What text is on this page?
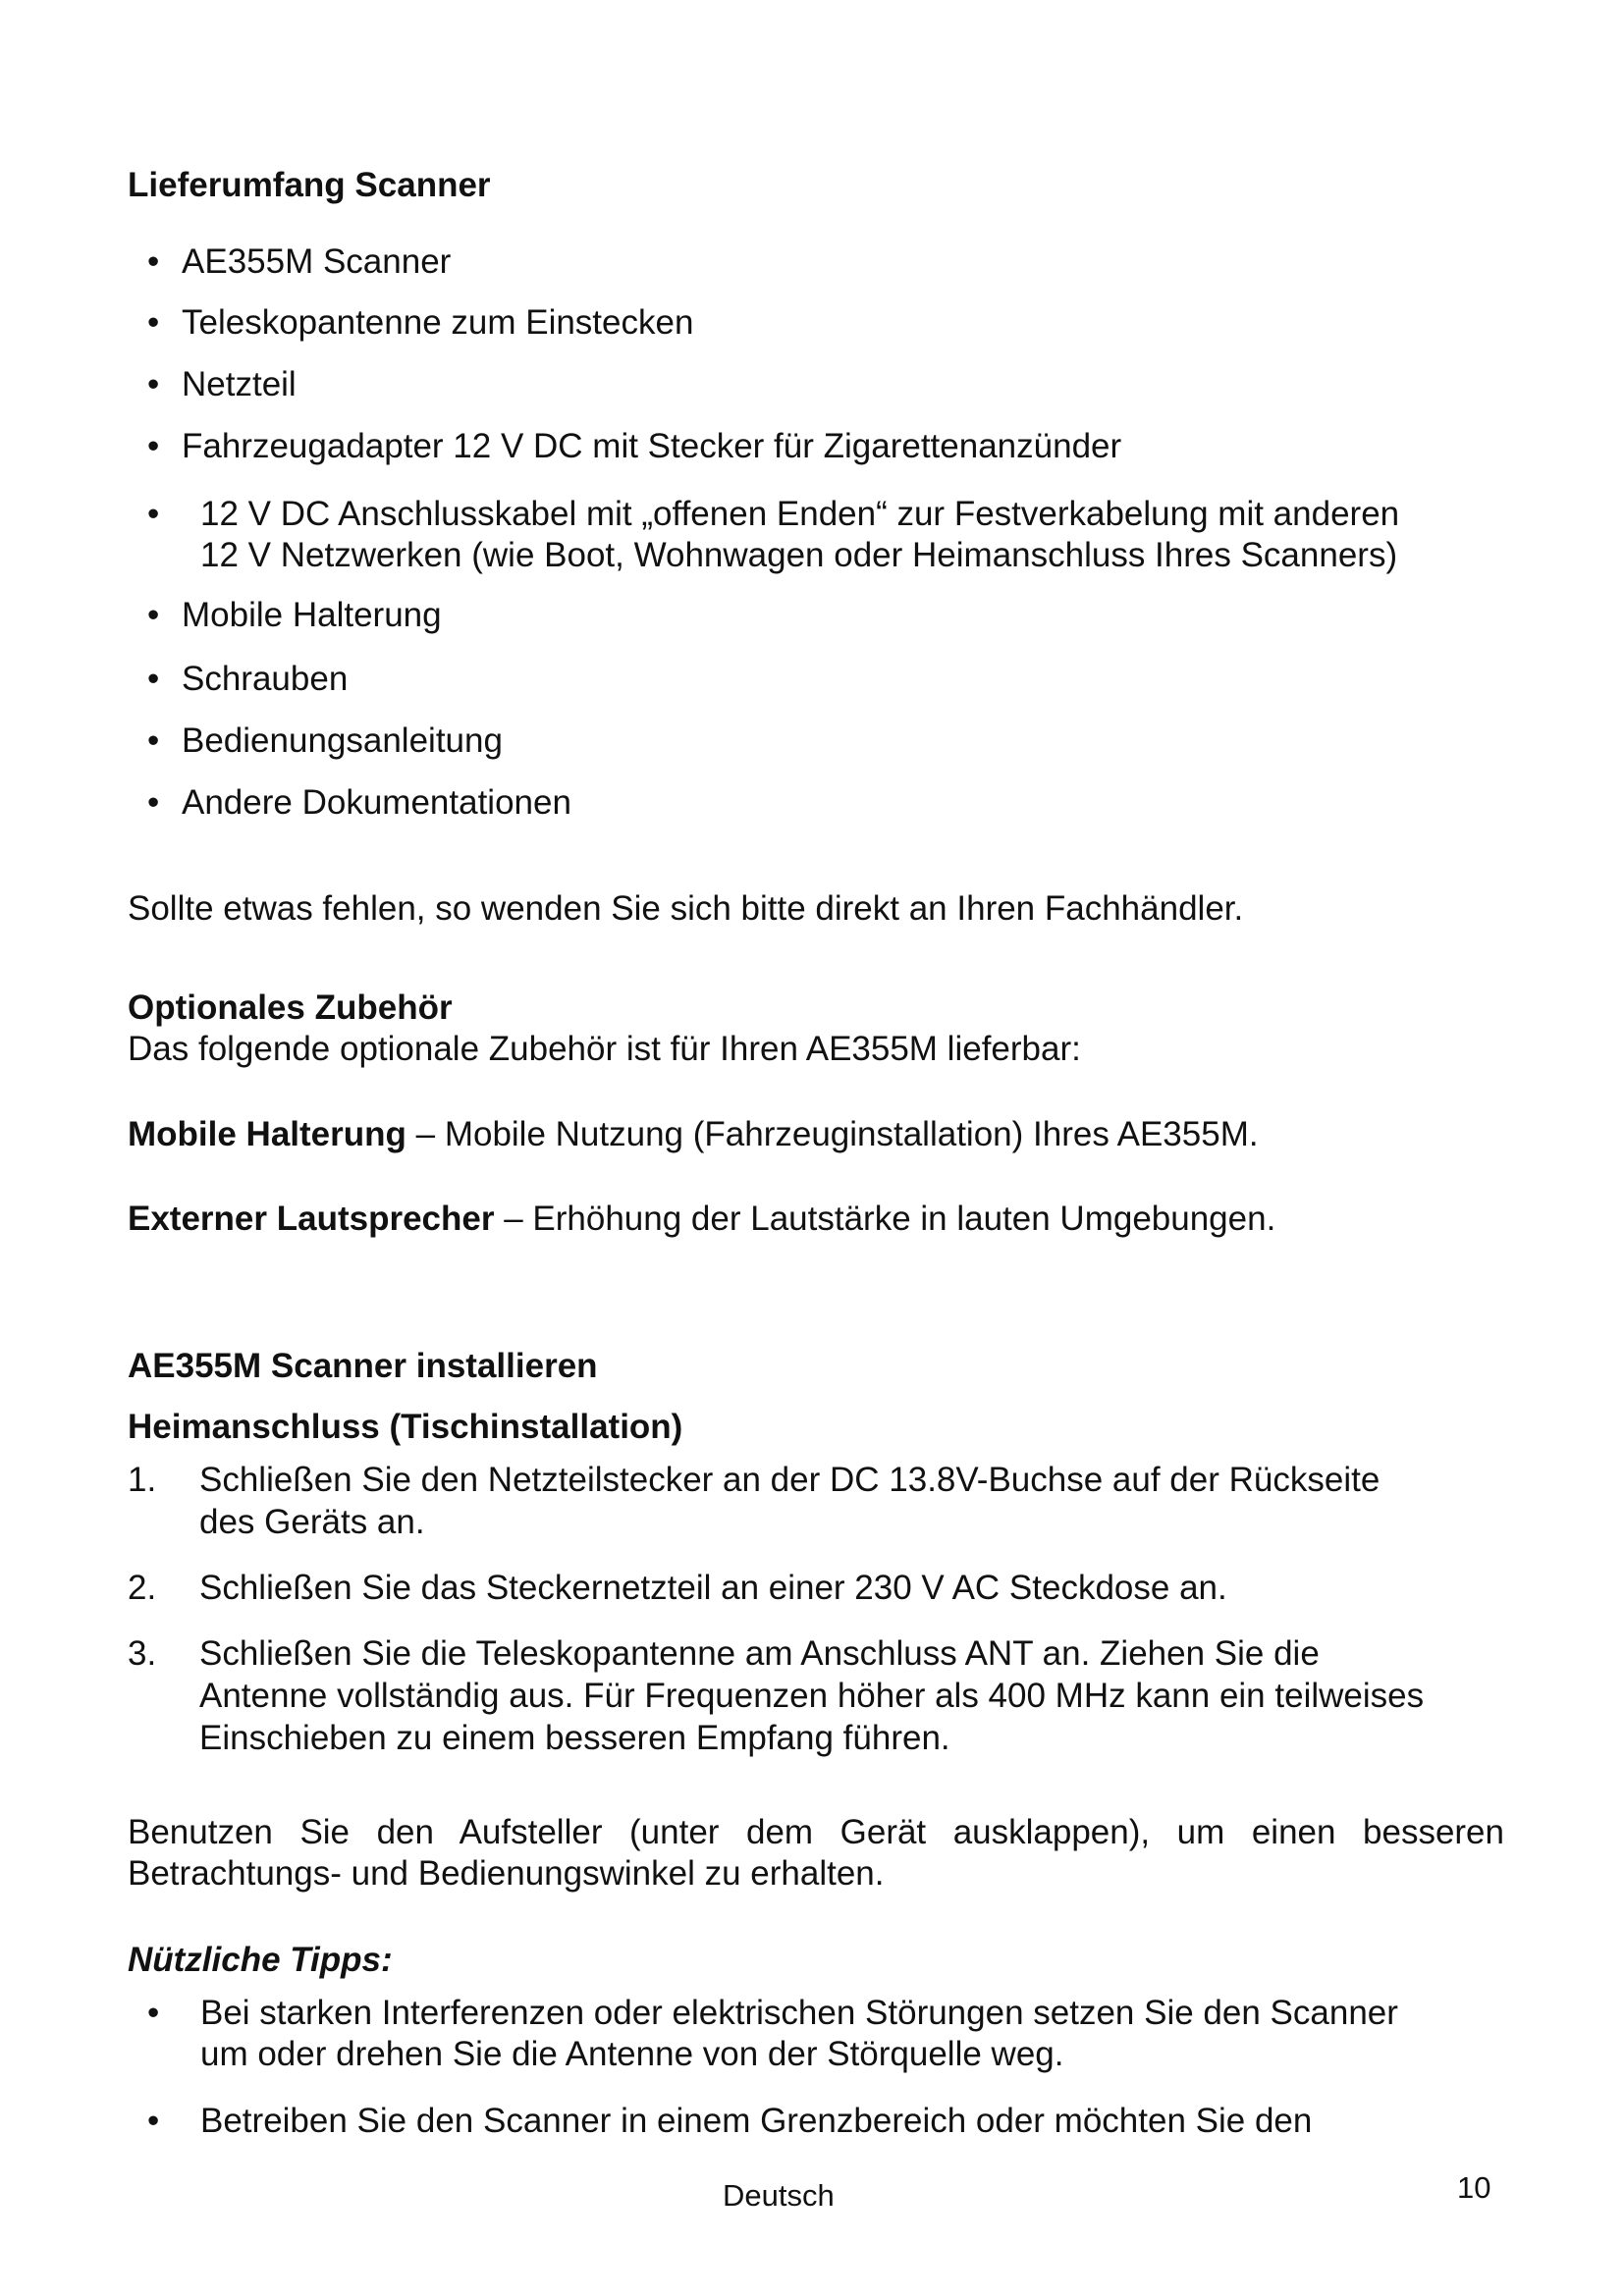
Lieferumfang Scanner
• AE355M Scanner
• Teleskopantenne zum Einstecken
• Netzteil
• Fahrzeugadapter 12 V DC mit Stecker für Zigarettenanzünder
• 12 V DC Anschlusskabel mit „offenen Enden“ zur Festverkabelung mit anderen
12 V Netzwerken (wie Boot, Wohnwagen oder Heimanschluss Ihres Scanners)
• Mobile Halterung
• Schrauben
• Bedienungsanleitung
• Andere Dokumentationen
Sollte etwas fehlen, so wenden Sie sich bitte direkt an Ihren Fachhändler.
Optionales Zubehör
Das folgende optionale Zubehör ist für Ihren AE355M lieferbar:
Mobile Halterung – Mobile Nutzung (Fahrzeuginstallation) Ihres AE355M.
Externer Lautsprecher – Erhöhung der Lautstärke in lauten Umgebungen.
AE355M Scanner installieren
Heimanschluss (Tischinstallation)
1. Schließen Sie den Netzteilstecker an der DC 13.8V-Buchse auf der Rückseite
des Geräts an.
2. Schließen Sie das Steckernetzteil an einer 230 V AC Steckdose an.
3. Schließen Sie die Teleskopantenne am Anschluss ANT an. Ziehen Sie die
Antenne vollständig aus. Für Frequenzen höher als 400 MHz kann ein teilweises
Einschieben zu einem besseren Empfang führen.
Benutzen Sie den Aufsteller (unter dem Gerät ausklappen), um einen besseren Betrachtungs- und Bedienungswinkel zu erhalten.
Nützliche Tipps:
• Bei starken Interferenzen oder elektrischen Störungen setzen Sie den Scanner
um oder drehen Sie die Antenne von der Störquelle weg.
• Betreiben Sie den Scanner in einem Grenzbereich oder möchten Sie den
Deutsch	10
